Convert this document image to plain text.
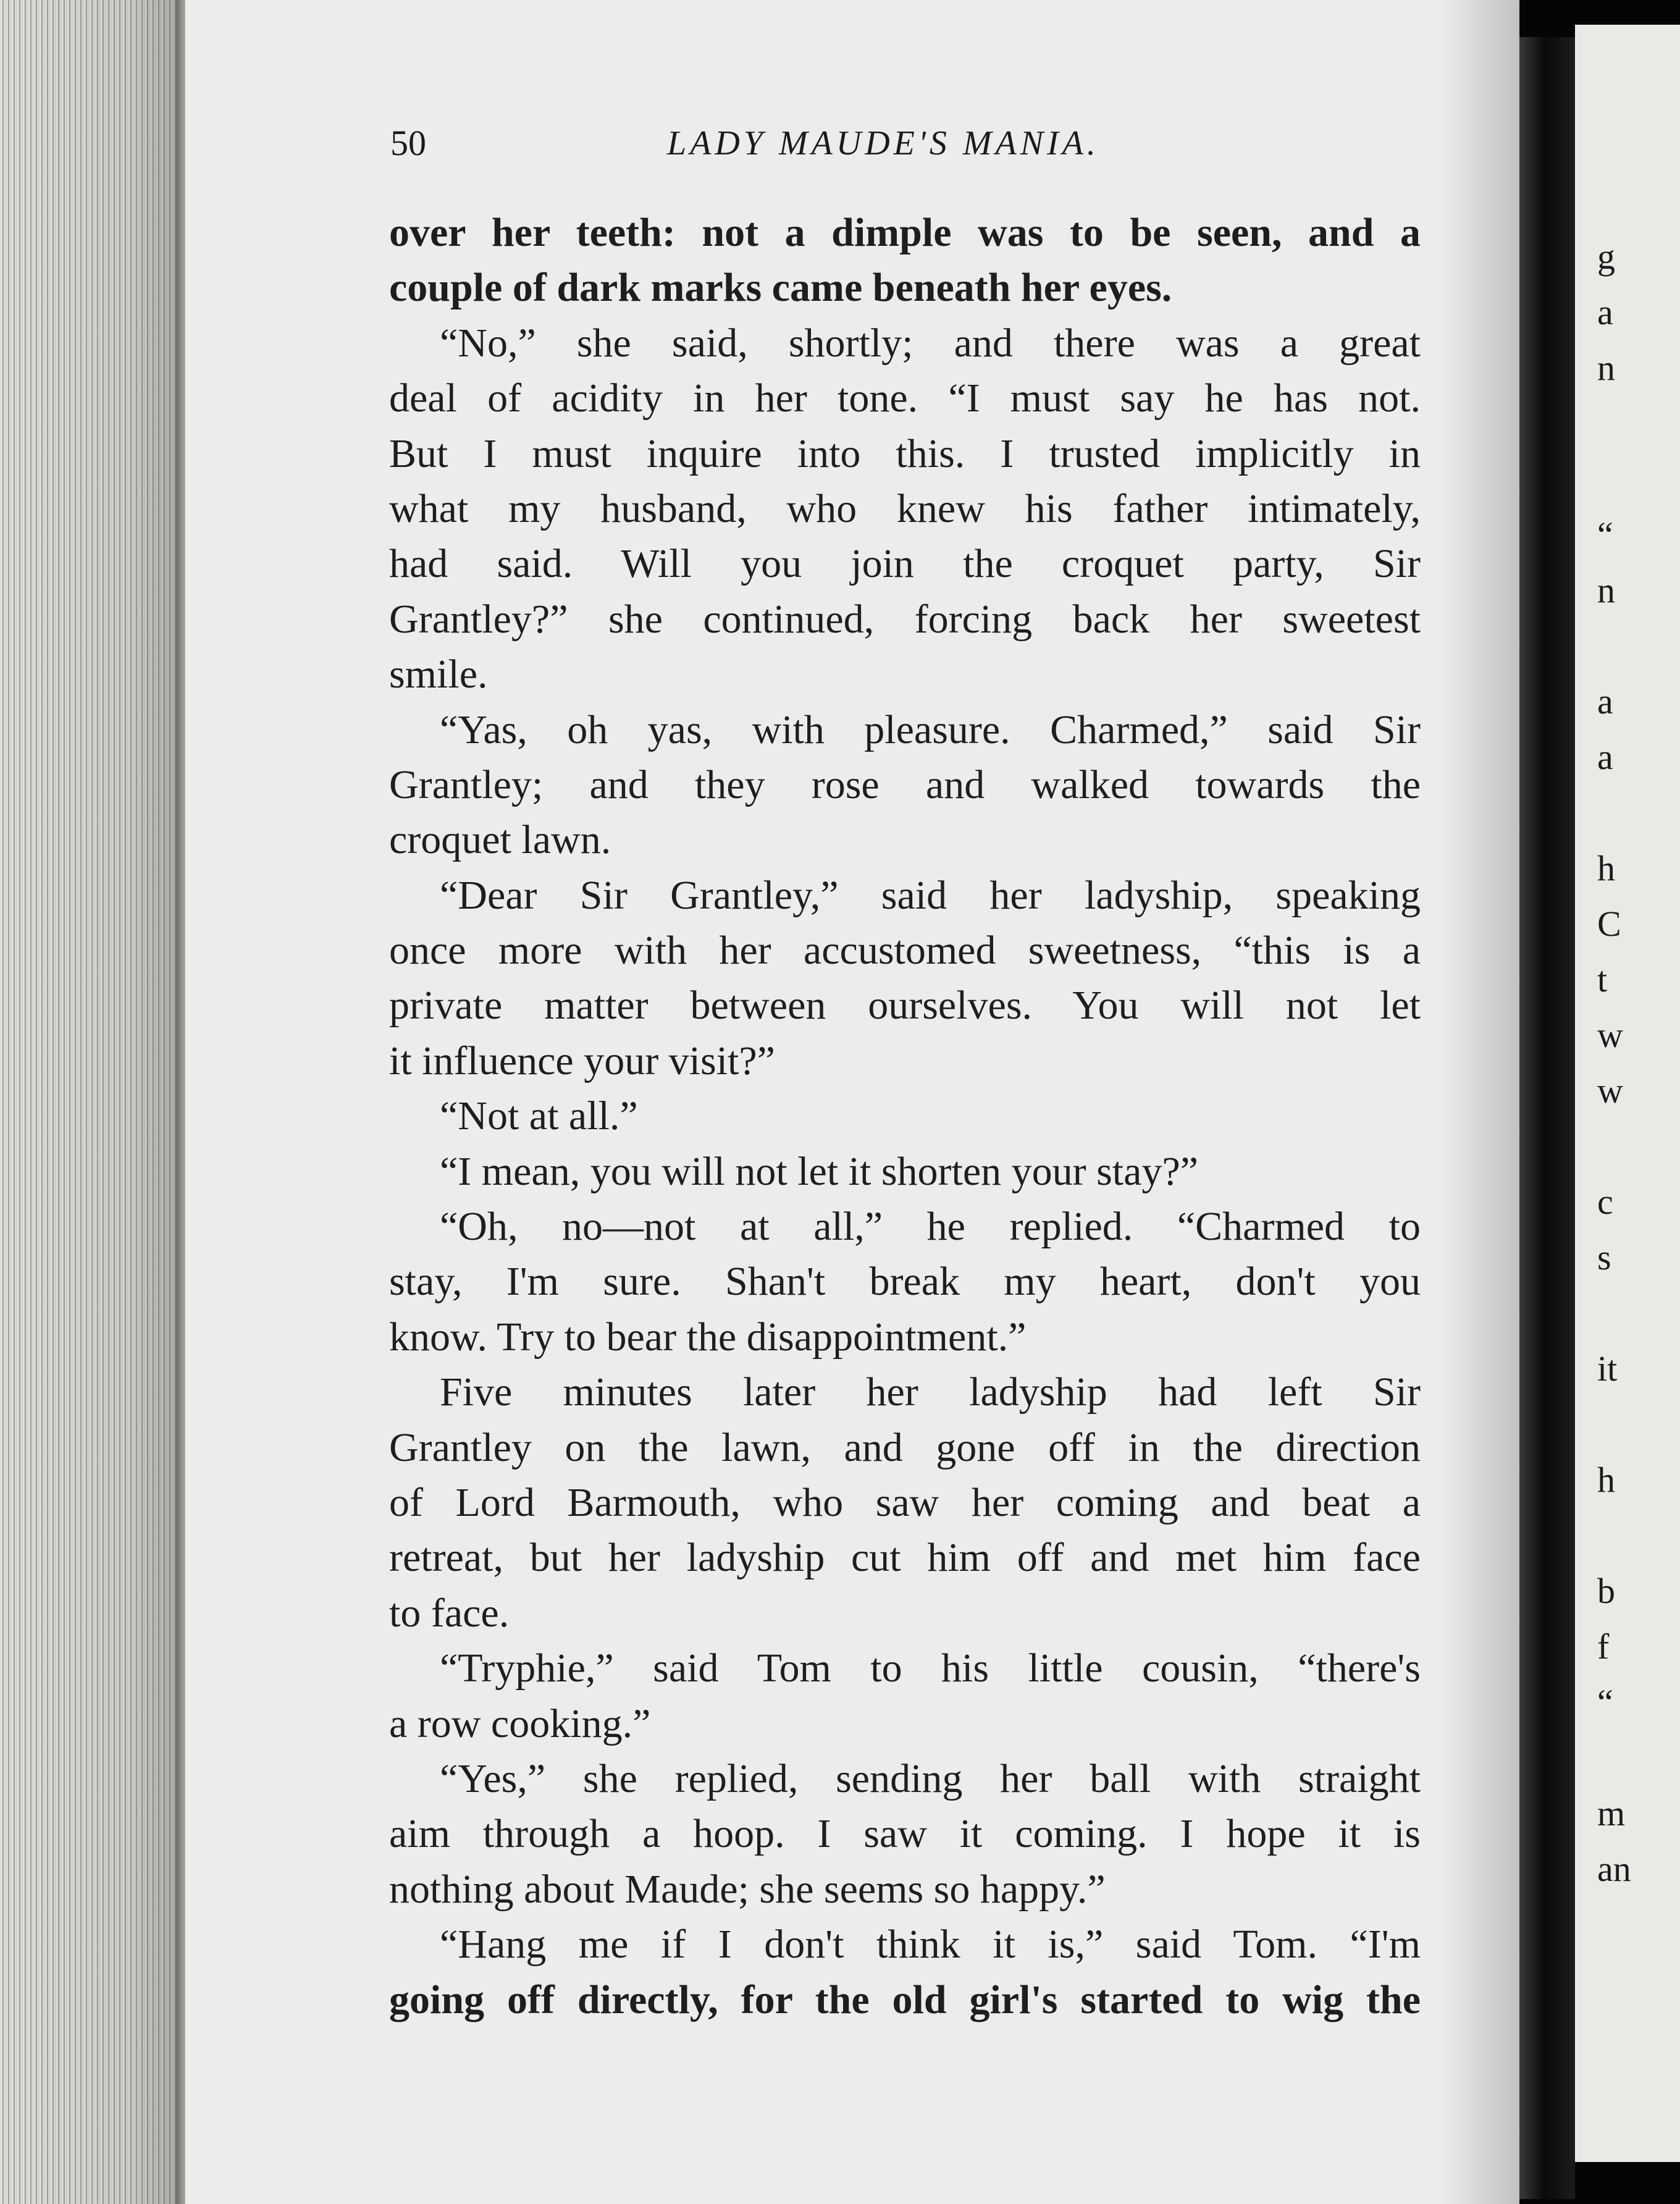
50	LADY MAUDE'S MANIA.
over her teeth: not a dimple was to be seen, and a
couple of dark marks came beneath her eyes.
“No,” she said, shortly; and there was a great
deal of acidity in her tone. “I must say he has not.
But I must inquire into this. I trusted implicitly in
what my husband, who knew his father intimately,
had said. Will you join the croquet party, Sir
Grantley?” she continued, forcing back her sweetest
smile.
“Yas, oh yas, with pleasure. Charmed,” said Sir
Grantley; and they rose and walked towards the
croquet lawn.
“Dear Sir Grantley,” said her ladyship, speaking
once more with her accustomed sweetness, “this is a
private matter between ourselves. You will not let
it influence your visit?”
“Not at all.”
“I mean, you will not let it shorten your stay?”
“Oh, no—not at all,” he replied. “Charmed to
stay, I'm sure. Shan't break my heart, don't you
know. Try to bear the disappointment.”
Five minutes later her ladyship had left Sir
Grantley on the lawn, and gone off in the direction
of Lord Barmouth, who saw her coming and beat a
retreat, but her ladyship cut him off and met him face
to face.
“Tryphie,” said Tom to his little cousin, “there's
a row cooking.”
“Yes,” she replied, sending her ball with straight
aim through a hoop. I saw it coming. I hope it is
nothing about Maude; she seems so happy.”
“Hang me if I don't think it is,” said Tom. “I'm
going off directly, for the old girl's started to wig the
g
a
n
“
n
a
a
h
C
t
w
w
c
s
it
h
b
f
“
m
an
